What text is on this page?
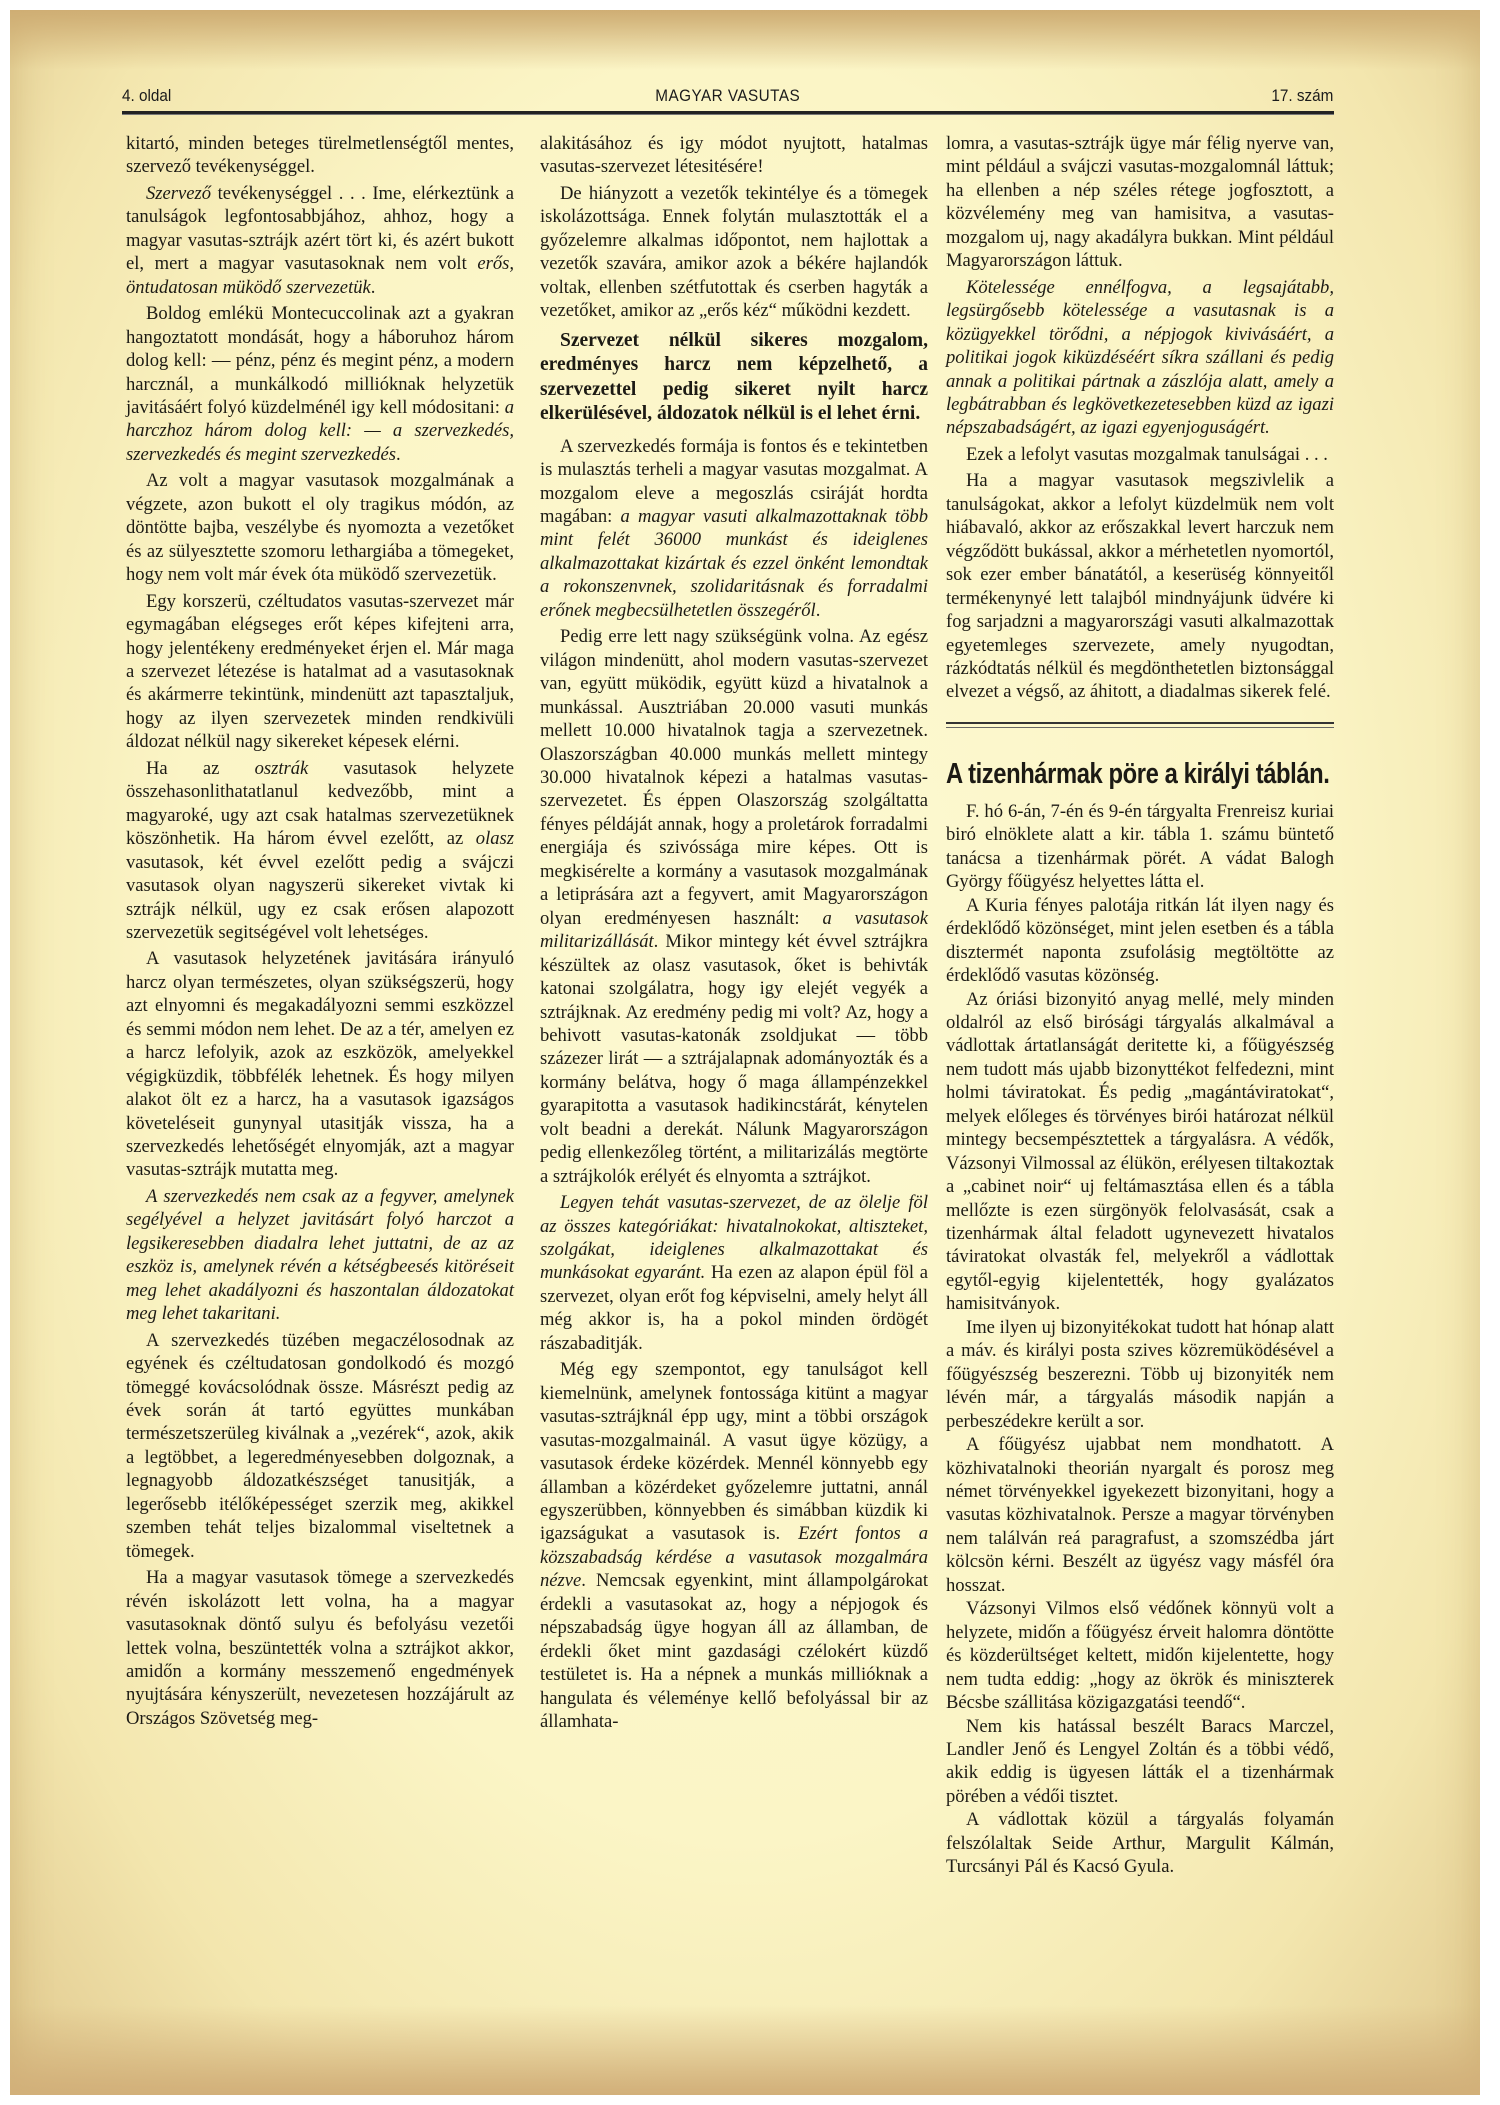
4. oldal	MAGYAR VASUTAS	17. szám

kitartó, minden beteges türelmetlenségtől mentes, szervező tevékenységgel.

Szervező tevékenységgel . . . Ime, elérkeztünk a tanulságok legfontosabbjához, ahhoz, hogy a magyar vasutas-sztrájk azért tört ki, és azért bukott el, mert a magyar vasutasoknak nem volt erős, öntudatosan müködő szervezetük.

Boldog emlékü Montecuccolinak azt a gyakran hangoztatott mondását, hogy a háboruhoz három dolog kell: — pénz, pénz és megint pénz, a modern harcznál, a munkálkodó millióknak helyzetük javitásáért folyó küzdelménél igy kell módositani: a harczhoz három dolog kell: — a szervezkedés, szervezkedés és megint szervezkedés.

Az volt a magyar vasutasok mozgalmának a végzete, azon bukott el oly tragikus módón, az döntötte bajba, veszélybe és nyomozta a vezetőket és az sülyesztette szomoru lethargiába a tömegeket, hogy nem volt már évek óta müködő szervezetük.

Egy korszerü, czéltudatos vasutas-szervezet már egymagában elégseges erőt képes kifejteni arra, hogy jelentékeny eredményeket érjen el. Már maga a szervezet létezése is hatalmat ad a vasutasoknak és akármerre tekintünk, mindenütt azt tapasztaljuk, hogy az ilyen szervezetek minden rendkivüli áldozat nélkül nagy sikereket képesek elérni.

Ha az osztrák vasutasok helyzete összehasonlithatatlanul kedvezőbb, mint a magyaroké, ugy azt csak hatalmas szervezetüknek köszönhetik. Ha három évvel ezelőtt, az olasz vasutasok, két évvel ezelőtt pedig a svájczi vasutasok olyan nagyszerü sikereket vivtak ki sztrájk nélkül, ugy ez csak erősen alapozott szervezetük segitségével volt lehetséges.

A vasutasok helyzetének javitására irányuló harcz olyan természetes, olyan szükségszerü, hogy azt elnyomni és megakadályozni semmi eszközzel és semmi módon nem lehet. De az a tér, amelyen ez a harcz lefolyik, azok az eszközök, amelyekkel végigküzdik, többfélék lehetnek. És hogy milyen alakot ölt ez a harcz, ha a vasutasok igazságos követeléseit gunynyal utasitják vissza, ha a szervezkedés lehetőségét elnyomják, azt a magyar vasutas-sztrájk mutatta meg.

A szervezkedés nem csak az a fegyver, amelynek segélyével a helyzet javitásárt folyó harczot a legsikeresebben diadalra lehet juttatni, de az az eszköz is, amelynek révén a kétségbeesés kitöréseit meg lehet akadályozni és haszontalan áldozatokat meg lehet takaritani.

A szervezkedés tüzében megaczélosodnak az egyének és czéltudatosan gondolkodó és mozgó tömeggé kovácsolódnak össze. Másrészt pedig az évek során át tartó együttes munkában természetszerüleg kiválnak a „vezérek“, azok, akik a legtöbbet, a legeredményesebben dolgoznak, a legnagyobb áldozatkészséget tanusitják, a legerősebb itélőképességet szerzik meg, akikkel szemben tehát teljes bizalommal viseltetnek a tömegek.

Ha a magyar vasutasok tömege a szervezkedés révén iskolázott lett volna, ha a magyar vasutasoknak döntő sulyu és befolyásu vezetői lettek volna, beszüntették volna a sztrájkot akkor, amidőn a kormány messzemenő engedmények nyujtására kényszerült, nevezetesen hozzájárult az Országos Szövetség meg-

alakitásához és igy módot nyujtott, hatalmas vasutas-szervezet létesitésére!

De hiányzott a vezetők tekintélye és a tömegek iskolázottsága. Ennek folytán mulasztották el a győzelemre alkalmas időpontot, nem hajlottak a vezetők szavára, amikor azok a békére hajlandók voltak, ellenben szétfutottak és cserben hagyták a vezetőket, amikor az „erős kéz“ működni kezdett.

Szervezet nélkül sikeres mozgalom, eredményes harcz nem képzelhető, a szervezettel pedig sikeret nyilt harcz elkerülésével, áldozatok nélkül is el lehet érni.

A szervezkedés formája is fontos és e tekintetben is mulasztás terheli a magyar vasutas mozgalmat. A mozgalom eleve a megoszlás csiráját hordta magában: a magyar vasuti alkalmazottaknak több mint felét 36000 munkást és ideiglenes alkalmazottakat kizártak és ezzel önként lemondtak a rokonszenvnek, szolidaritásnak és forradalmi erőnek megbecsülhetetlen összegéről.

Pedig erre lett nagy szükségünk volna. Az egész világon mindenütt, ahol modern vasutas-szervezet van, együtt müködik, együtt küzd a hivatalnok a munkással. Ausztriában 20.000 vasuti munkás mellett 10.000 hivatalnok tagja a szervezetnek. Olaszországban 40.000 munkás mellett mintegy 30.000 hivatalnok képezi a hatalmas vasutas-szervezetet. És éppen Olaszország szolgáltatta fényes példáját annak, hogy a proletárok forradalmi energiája és szivóssága mire képes. Ott is megkisérelte a kormány a vasutasok mozgalmának a letiprására azt a fegyvert, amit Magyarországon olyan eredményesen használt: a vasutasok militarizállását. Mikor mintegy két évvel sztrájkra készültek az olasz vasutasok, őket is behivták katonai szolgálatra, hogy igy elejét vegyék a sztrájknak. Az eredmény pedig mi volt? Az, hogy a behivott vasutas-katonák zsoldjukat — több százezer lirát — a sztrájalapnak adományozták és a kormány belátva, hogy ő maga állampénzekkel gyarapitotta a vasutasok hadikincstárát, kénytelen volt beadni a derekát. Nálunk Magyarországon pedig ellenkezőleg történt, a militarizálás megtörte a sztrájkolók erélyét és elnyomta a sztrájkot.

Legyen tehát vasutas-szervezet, de az ölelje föl az összes kategóriákat: hivatalnokokat, altiszteket, szolgákat, ideiglenes alkalmazottakat és munkásokat egyaránt. Ha ezen az alapon épül föl a szervezet, olyan erőt fog képviselni, amely helyt áll még akkor is, ha a pokol minden ördögét rászabaditják.

Még egy szempontot, egy tanulságot kell kiemelnünk, amelynek fontossága kitünt a magyar vasutas-sztrájknál épp ugy, mint a többi országok vasutas-mozgalmainál. A vasut ügye közügy, a vasutasok érdeke közérdek. Mennél könnyebb egy államban a közérdeket győzelemre juttatni, annál egyszerübben, könnyebben és simábban küzdik ki igazságukat a vasutasok is. Ezért fontos a közszabadság kérdése a vasutasok mozgalmára nézve. Nemcsak egyenkint, mint állampolgárokat érdekli a vasutasokat az, hogy a népjogok és népszabadság ügye hogyan áll az államban, de érdekli őket mint gazdasági czélokért küzdő testületet is. Ha a népnek a munkás millióknak a hangulata és véleménye kellő befolyással bir az államhata-

lomra, a vasutas-sztrájk ügye már félig nyerve van, mint például a svájczi vasutas-mozgalomnál láttuk; ha ellenben a nép széles rétege jogfosztott, a közvélemény meg van hamisitva, a vasutas-mozgalom uj, nagy akadályra bukkan. Mint például Magyarországon láttuk.

Kötelessége ennélfogva, a legsajátabb, legsürgősebb kötelessége a vasutasnak is a közügyekkel törődni, a népjogok kivivásáért, a politikai jogok kiküzdéséért síkra szállani és pedig annak a politikai pártnak a zászlója alatt, amely a legbátrabban és legkövetkezetesebben küzd az igazi népszabadságért, az igazi egyenjoguságért.

Ezek a lefolyt vasutas mozgalmak tanulságai . . .

Ha a magyar vasutasok megszivlelik a tanulságokat, akkor a lefolyt küzdelmük nem volt hiábavaló, akkor az erőszakkal levert harczuk nem végződött bukással, akkor a mérhetetlen nyomortól, sok ezer ember bánatától, a keserüség könnyeitől termékenynyé lett talajból mindnyájunk üdvére ki fog sarjadzni a magyarországi vasuti alkalmazottak egyetemleges szervezete, amely nyugodtan, rázkódtatás nélkül és megdönthetetlen biztonsággal elvezet a végső, az áhitott, a diadalmas sikerek felé.

A tizenhármak pöre a királyi táblán.

F. hó 6-án, 7-én és 9-én tárgyalta Frenreisz kuriai biró elnöklete alatt a kir. tábla 1. számu büntető tanácsa a tizenhármak pörét. A vádat Balogh György főügyész helyettes látta el.

A Kuria fényes palotája ritkán lát ilyen nagy és érdeklődő közönséget, mint jelen esetben és a tábla disztermét naponta zsufolásig megtöltötte az érdeklődő vasutas közönség.

Az óriási bizonyitó anyag mellé, mely minden oldalról az első birósági tárgyalás alkalmával a vádlottak ártatlanságát deritette ki, a főügyészség nem tudott más ujabb bizonyttékot felfedezni, mint holmi táviratokat. És pedig „magántáviratokat“, melyek előleges és törvényes birói határozat nélkül mintegy becsempésztettek a tárgyalásra. A védők, Vázsonyi Vilmossal az élükön, erélyesen tiltakoztak a „cabinet noir“ uj feltámasztása ellen és a tábla mellőzte is ezen sürgönyök felolvasását, csak a tizenhármak által feladott ugynevezett hivatalos táviratokat olvasták fel, melyekről a vádlottak egytől-egyig kijelentették, hogy gyalázatos hamisitványok.

Ime ilyen uj bizonyitékokat tudott hat hónap alatt a máv. és királyi posta szives közremüködésével a főügyészség beszerezni. Több uj bizonyiték nem lévén már, a tárgyalás második napján a perbeszédekre került a sor.

A főügyész ujabbat nem mondhatott. A közhivatalnoki theorián nyargalt és porosz meg német törvényekkel igyekezett bizonyitani, hogy a vasutas közhivatalnok. Persze a magyar törvényben nem találván reá paragrafust, a szomszédba járt kölcsön kérni. Beszélt az ügyész vagy másfél óra hosszat.

Vázsonyi Vilmos első védőnek könnyü volt a helyzete, midőn a főügyész érveit halomra döntötte és közderültséget keltett, midőn kijelentette, hogy nem tudta eddig: „hogy az ökrök és miniszterek Bécsbe szállitása közigazgatási teendő“.

Nem kis hatással beszélt Baracs Marczel, Landler Jenő és Lengyel Zoltán és a többi védő, akik eddig is ügyesen látták el a tizenhármak pörében a védői tisztet.

A vádlottak közül a tárgyalás folyamán felszólaltak Seide Arthur, Margulit Kálmán, Turcsányi Pál és Kacsó Gyula.
